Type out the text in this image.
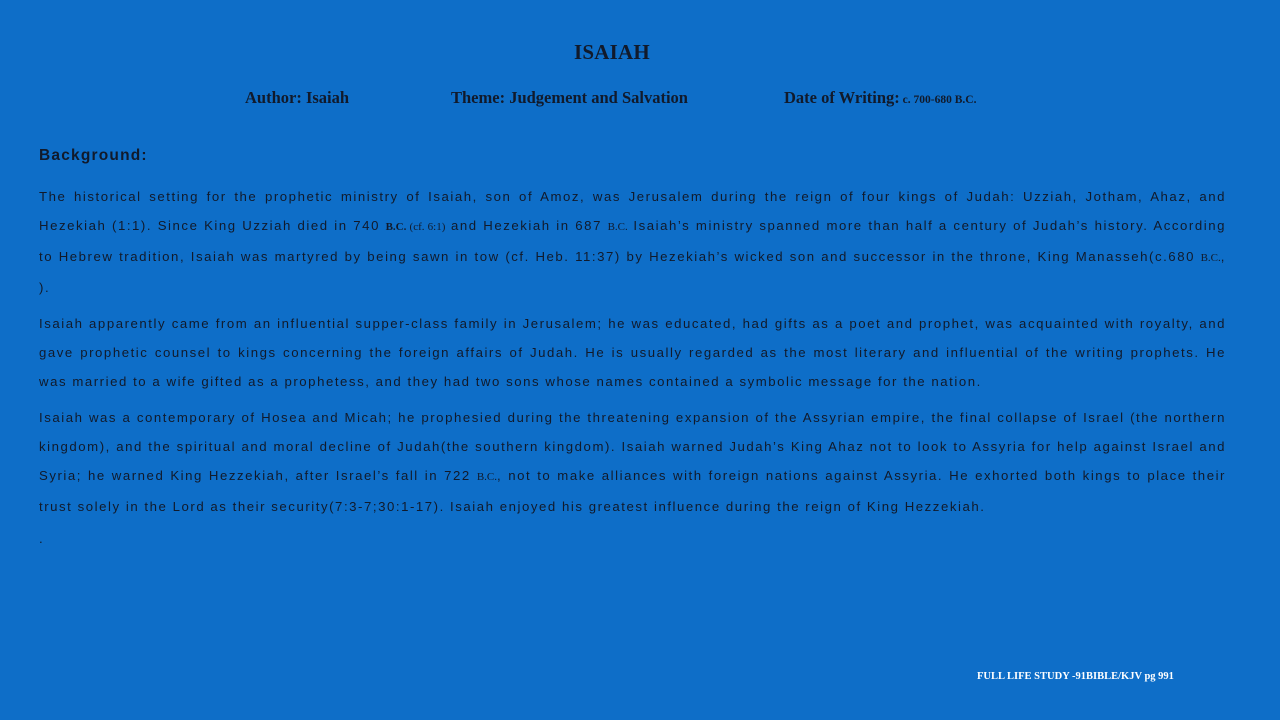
ISAIAH
Author: Isaiah	Theme: Judgement and Salvation	Date of Writing: c. 700-680 B.C.
Background:

The historical setting for the prophetic ministry of Isaiah, son of Amoz, was Jerusalem during the reign of four kings of Judah: Uzziah, Jotham, Ahaz, and Hezekiah (1:1). Since King Uzziah died in 740 B.C. (cf. 6:1) and Hezekiah in 687 B.C. Isaiah’s ministry spanned more than half a century of Judah’s history. According to Hebrew tradition, Isaiah was martyred by being sawn in tow (cf. Heb. 11:37) by Hezekiah’s wicked son and successor in the throne, King Manasseh(c.680 B.C., ).

Isaiah apparently came from an influential supper-class family in Jerusalem; he was educated, had gifts as a poet and prophet, was acquainted with royalty, and gave prophetic counsel to kings concerning the foreign affairs of Judah. He is usually regarded as the most literary and influential of the writing prophets. He was married to a wife gifted as a prophetess, and they had two sons whose names contained a symbolic message for the nation.

Isaiah was a contemporary of Hosea and Micah; he prophesied during the threatening expansion of the Assyrian empire, the final collapse of Israel (the northern kingdom), and the spiritual and moral decline of Judah(the southern kingdom). Isaiah warned Judah’s King Ahaz not to look to Assyria for help against Israel and Syria; he warned King Hezzekiah, after Israel’s fall in 722 B.C., not to make alliances with foreign nations against Assyria. He exhorted both kings to place their trust solely in the Lord as their security(7:3-7;30:1-17). Isaiah enjoyed his greatest influence during the reign of King Hezzekiah.

.

FULL LIFE STUDY -91BIBLE/KJV pg 991
